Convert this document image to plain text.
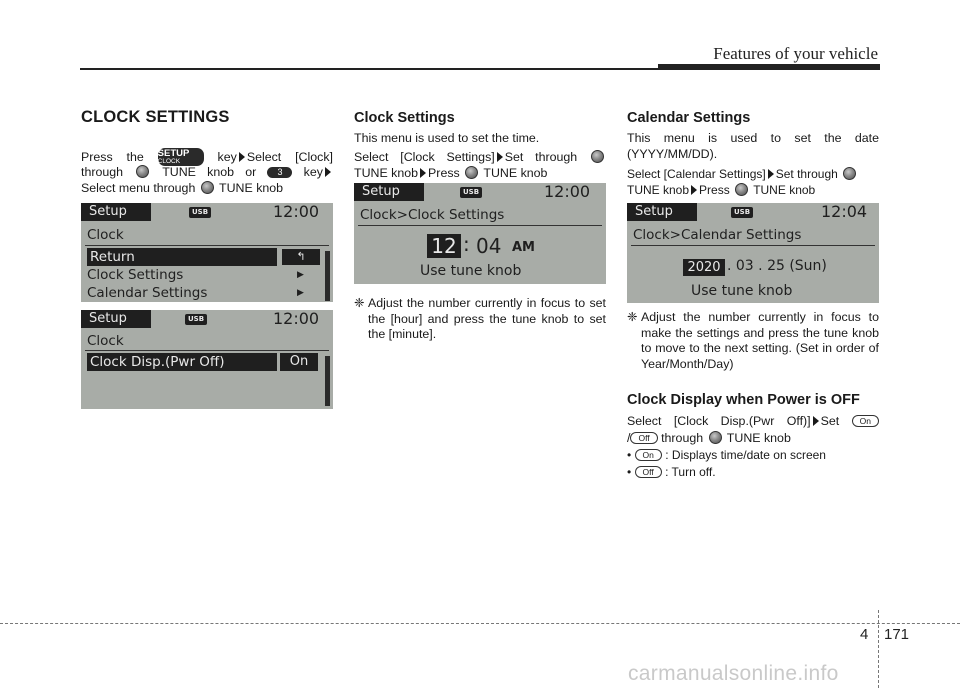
Features of your vehicle
CLOCK SETTINGS
Press the SETUP
CLOCK	key Select [Clock]
through	TUNE knob or 3 key
Select menu through TUNE knob
Setup	USB	12:00
Clock
Return	↰
Clock Settings	▶
Calendar Settings	▶
Setup	USB	12:00
Clock
Clock Disp.(Pwr Off)	On
Clock Settings
This menu is used to set the time.
Select [Clock Settings] Set through
TUNE knob Press TUNE knob
Setup	USB	12:00
Clock>Clock Settings
12 : 04 AM
Use tune knob
❈ Adjust the number currently in focus to set the [hour] and press the tune knob to set the [minute].
Calendar Settings
This menu is used to set the date
(YYYY/MM/DD).
Select [Calendar Settings] Set through
TUNE knob Press TUNE knob
Setup	USB	12:04
Clock>Calendar Settings
2020 . 03 . 25 (Sun)
Use tune knob
❈ Adjust the number currently in focus to make the settings and press the tune knob to move to the next setting. (Set in order of Year/Month/Day)
Clock Display when Power is OFF
Select [Clock Disp.(Pwr Off)] Set On
/ Off through TUNE knob
• On : Displays time/date on screen
• Off : Turn off.
4 171
carmanualsonline.info
